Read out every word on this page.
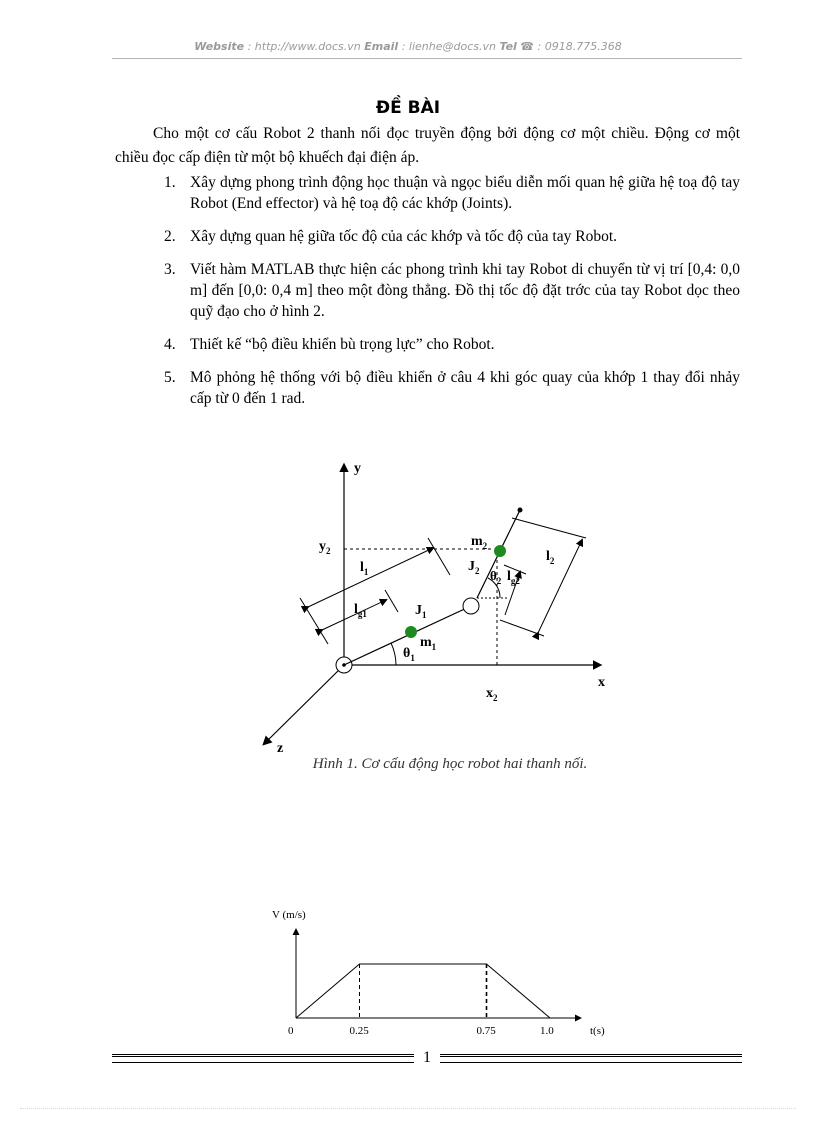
Website : http://www.docs.vn Email : lienhe@docs.vn Tel ☎ : 0918.775.368
ĐỀ BÀI
Cho một cơ cấu Robot 2 thanh nối đọc truyền động bởi động cơ một chiều. Động cơ một chiều đọc cấp điện từ một bộ khuếch đại điện áp.
1. Xây dựng phong trình động học thuận và ngọc biểu diễn mối quan hệ giữa hệ toạ độ tay Robot (End effector) và hệ toạ độ các khớp (Joints).
2. Xây dựng quan hệ giữa tốc độ của các khớp và tốc độ của tay Robot.
3. Viết hàm MATLAB thực hiện các phong trình khi tay Robot di chuyển từ vị trí [0,4: 0,0 m] đến [0,0: 0,4 m] theo một đòng thẳng. Đồ thị tốc độ đặt trớc của tay Robot dọc theo quỹ đạo cho ở hình 2.
4. Thiết kế “bộ điều khiển bù trọng lực” cho Robot.
5. Mô phỏng hệ thống với bộ điều khiển ở câu 4 khi góc quay của khớp 1 thay đổi nhảy cấp từ 0 đến 1 rad.
y
x
z
$y_2$
$x_2$
$l_1$
$l_{g1}$	$J_1$
$m_1$
$\theta_1$
$m_2$
$J_2$ $\theta_2$ $l_{g2}$
$l_2$
Hình 1. Cơ cấu động học robot hai thanh nối.
V (m/s)
t(s)
0	0.25	0.75	1.0
1
